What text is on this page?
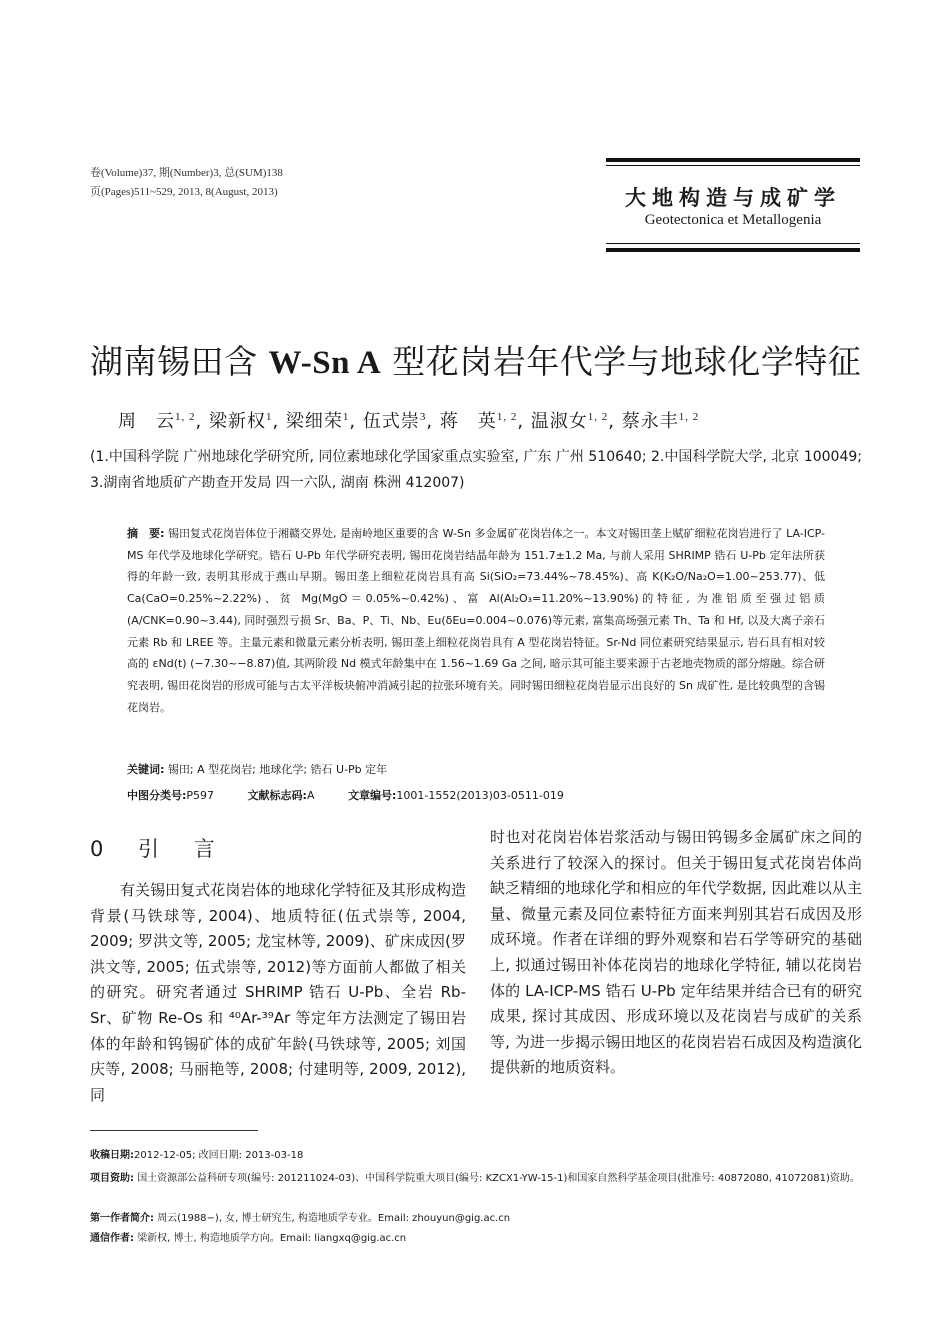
卷(Volume)37, 期(Number)3, 总(SUM)138
页(Pages)511~529, 2013, 8(August, 2013)	大地构造与成矿学
Geotectonica et Metallogenia
湖南锡田含 W-Sn A 型花岗岩年代学与地球化学特征
周　云$^{1, 2}$, 梁新权$^1$, 梁细荣$^1$, 伍式崇$^3$, 蒋　英$^{1, 2}$, 温淑女$^{1, 2}$, 蔡永丰$^{1, 2}$
(1.中国科学院 广州地球化学研究所, 同位素地球化学国家重点实验室, 广东 广州 510640; 2.中国科学院大学, 北京 100049; 3.湖南省地质矿产勘查开发局 四一六队, 湖南 株洲 412007)
摘　要: 锡田复式花岗岩体位于湘赣交界处, 是南岭地区重要的含 W-Sn 多金属矿花岗岩体之一。本文对锡田垄上赋矿细粒花岗岩进行了 LA-ICP-MS 年代学及地球化学研究。锆石 U-Pb 年代学研究表明, 锡田花岗岩结晶年龄为 151.7±1.2 Ma, 与前人采用 SHRIMP 锆石 U-Pb 定年法所获得的年龄一致, 表明其形成于燕山早期。锡田垄上细粒花岗岩具有高 Si(SiO₂=73.44%~78.45%)、高 K(K₂O/Na₂O=1.00~253.77)、低 Ca(CaO=0.25%~2.22%)、贫 Mg(MgO＝0.05%~0.42%)、富 Al(Al₂O₃=11.20%~13.90%)的特征, 为准铝质至强过铝质(A/CNK=0.90~3.44), 同时强烈亏损 Sr、Ba、P、Ti、Nb、Eu(δEu=0.004~0.076)等元素, 富集高场强元素 Th、Ta 和 Hf, 以及大离子亲石元素 Rb 和 LREE 等。主量元素和微量元素分析表明, 锡田垄上细粒花岗岩具有 A 型花岗岩特征。Sr-Nd 同位素研究结果显示, 岩石具有相对较高的 εNd(t) (−7.30~−8.87)值, 其两阶段 Nd 模式年龄集中在 1.56~1.69 Ga 之间, 暗示其可能主要来源于古老地壳物质的部分熔融。综合研究表明, 锡田花岗岩的形成可能与古太平洋板块俯冲消减引起的拉张环境有关。同时锡田细粒花岗岩显示出良好的 Sn 成矿性, 是比较典型的含锡花岗岩。
关键词: 锡田; A 型花岗岩; 地球化学; 锆石 U-Pb 定年
中图分类号:P597	文献标志码:A	文章编号:1001-1552(2013)03-0511-019
0 引 言
有关锡田复式花岗岩体的地球化学特征及其形成构造背景(马铁球等, 2004)、地质特征(伍式崇等, 2004, 2009; 罗洪文等, 2005; 龙宝林等, 2009)、矿床成因(罗洪文等, 2005; 伍式崇等, 2012)等方面前人都做了相关的研究。研究者通过 SHRIMP 锆石 U-Pb、全岩 Rb-Sr、矿物 Re-Os 和 ⁴⁰Ar-³⁹Ar 等定年方法测定了锡田岩体的年龄和钨锡矿体的成矿年龄(马铁球等, 2005; 刘国庆等, 2008; 马丽艳等, 2008; 付建明等, 2009, 2012), 同
时也对花岗岩体岩浆活动与锡田钨锡多金属矿床之间的关系进行了较深入的探讨。但关于锡田复式花岗岩体尚缺乏精细的地球化学和相应的年代学数据, 因此难以从主量、微量元素及同位素特征方面来判别其岩石成因及形成环境。作者在详细的野外观察和岩石学等研究的基础上, 拟通过锡田补体花岗岩的地球化学特征, 辅以花岗岩体的 LA-ICP-MS 锆石 U-Pb 定年结果并结合已有的研究成果, 探讨其成因、形成环境以及花岗岩与成矿的关系等, 为进一步揭示锡田地区的花岗岩岩石成因及构造演化提供新的地质资料。
收稿日期:2012-12-05; 改回日期: 2013-03-18
项目资助: 国土资源部公益科研专项(编号: 201211024-03)、中国科学院重大项目(编号: KZCX1-YW-15-1)和国家自然科学基金项目(批准号: 40872080, 41072081)资助。
第一作者简介: 周云(1988−), 女, 博士研究生, 构造地质学专业。Email: zhouyun@gig.ac.cn
通信作者: 梁新权, 博士, 构造地质学方向。Email: liangxq@gig.ac.cn
